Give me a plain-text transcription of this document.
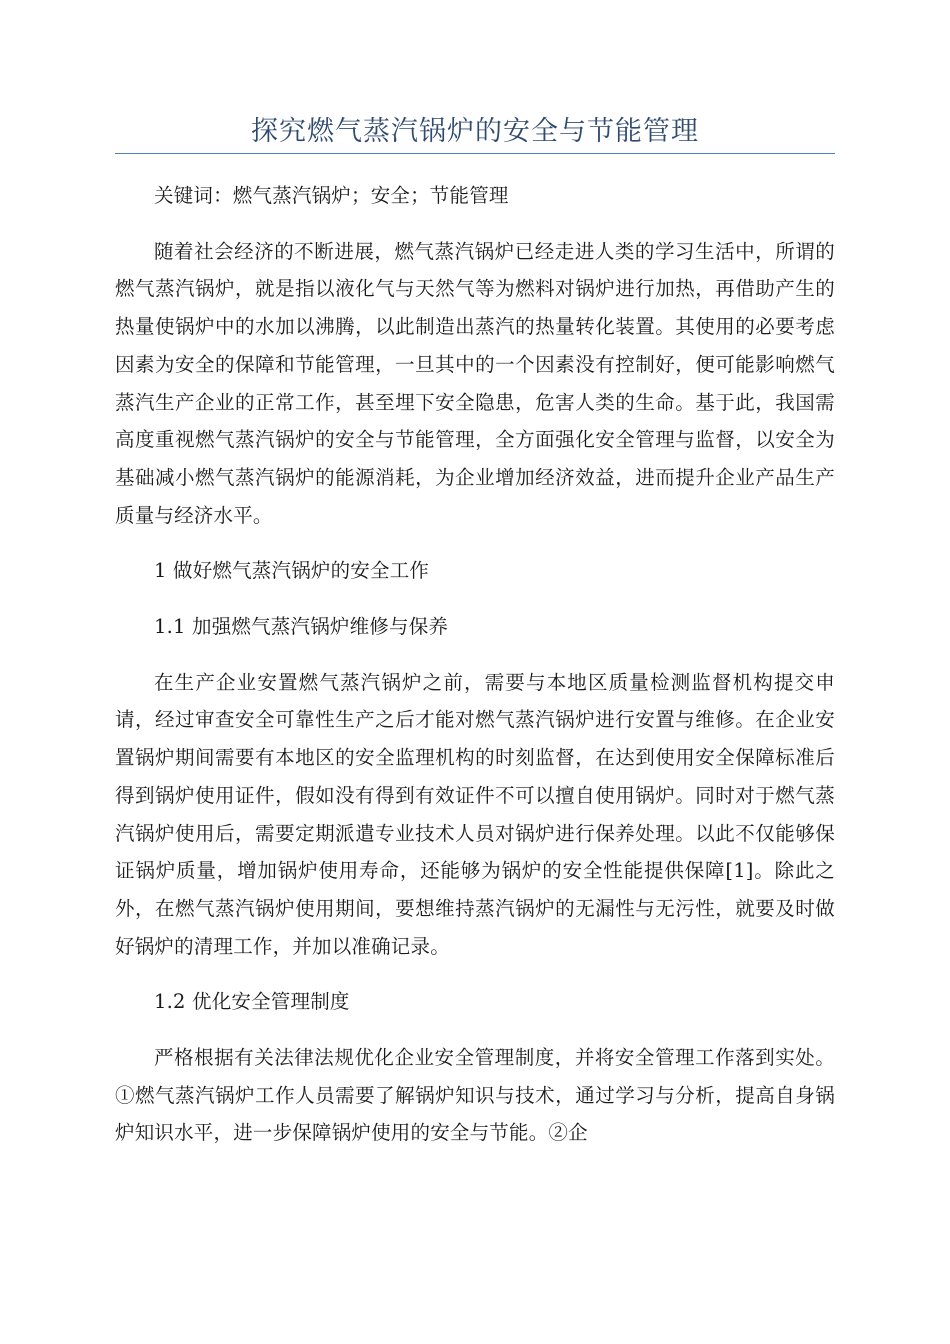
探究燃气蒸汽锅炉的安全与节能管理

关键词：燃气蒸汽锅炉；安全；节能管理

随着社会经济的不断进展，燃气蒸汽锅炉已经走进人类的学习生活中，所谓的燃气蒸汽锅炉，就是指以液化气与天然气等为燃料对锅炉进行加热，再借助产生的热量使锅炉中的水加以沸腾，以此制造出蒸汽的热量转化装置。其使用的必要考虑因素为安全的保障和节能管理，一旦其中的一个因素没有控制好，便可能影响燃气蒸汽生产企业的正常工作，甚至埋下安全隐患，危害人类的生命。基于此，我国需高度重视燃气蒸汽锅炉的安全与节能管理，全方面强化安全管理与监督，以安全为基础减小燃气蒸汽锅炉的能源消耗，为企业增加经济效益，进而提升企业产品生产质量与经济水平。

1 做好燃气蒸汽锅炉的安全工作

1.1 加强燃气蒸汽锅炉维修与保养

在生产企业安置燃气蒸汽锅炉之前，需要与本地区质量检测监督机构提交申请，经过审查安全可靠性生产之后才能对燃气蒸汽锅炉进行安置与维修。在企业安置锅炉期间需要有本地区的安全监理机构的时刻监督，在达到使用安全保障标准后得到锅炉使用证件，假如没有得到有效证件不可以擅自使用锅炉。同时对于燃气蒸汽锅炉使用后，需要定期派遣专业技术人员对锅炉进行保养处理。以此不仅能够保证锅炉质量，增加锅炉使用寿命，还能够为锅炉的安全性能提供保障[1]。除此之外，在燃气蒸汽锅炉使用期间，要想维持蒸汽锅炉的无漏性与无污性，就要及时做好锅炉的清理工作，并加以准确记录。

1.2 优化安全管理制度

严格根据有关法律法规优化企业安全管理制度，并将安全管理工作落到实处。①燃气蒸汽锅炉工作人员需要了解锅炉知识与技术，通过学习与分析，提高自身锅炉知识水平，进一步保障锅炉使用的安全与节能。②企
